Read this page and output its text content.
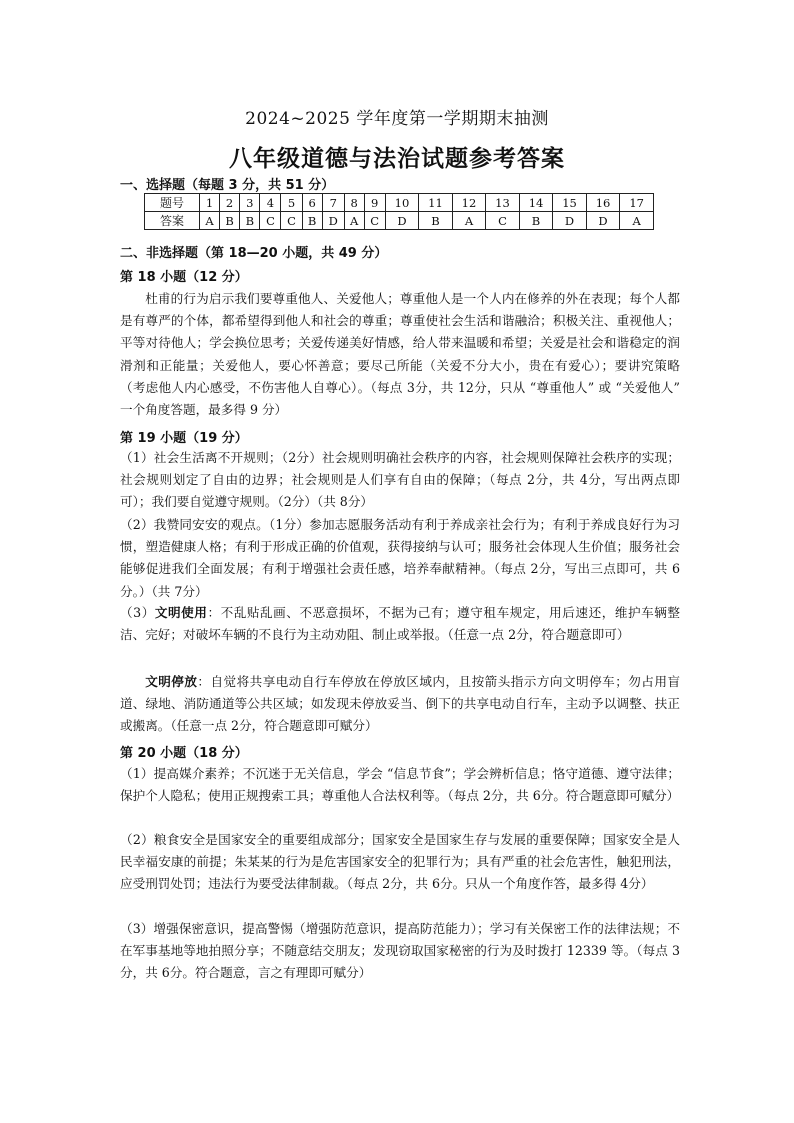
2024~2025 学年度第一学期期末抽测
八年级道德与法治试题参考答案
一、选择题（每题 3 分，共 51 分）
题号	1	2	3	4	5	6	7	8	9	10	11	12	13	14	15	16	17
答案	A	B	B	C	C	B	D	A	C	D	B	A	C	B	D	D	A
二、非选择题（第 18—20 小题，共 49 分）
第 18 小题（12 分）
杜甫的行为启示我们要尊重他人、关爱他人；尊重他人是一个人内在修养的外在表现；每个人都是有尊严的个体，都希望得到他人和社会的尊重；尊重使社会生活和谐融洽；积极关注、重视他人；平等对待他人；学会换位思考；关爱传递美好情感，给人带来温暖和希望；关爱是社会和谐稳定的润滑剂和正能量；关爱他人，要心怀善意；要尽己所能（关爱不分大小，贵在有爱心）；要讲究策略（考虑他人内心感受，不伤害他人自尊心）。（每点 3分，共 12分，只从 “尊重他人” 或 “关爱他人” 一个角度答题，最多得 9 分）
第 19 小题（19 分）
（1）社会生活离不开规则；（2分）社会规则明确社会秩序的内容，社会规则保障社会秩序的实现；社会规则划定了自由的边界；社会规则是人们享有自由的保障；（每点 2分，共 4分，写出两点即可）；我们要自觉遵守规则。（2分）（共 8分）
（2）我赞同安安的观点。（1分）参加志愿服务活动有利于养成亲社会行为；有利于养成良好行为习惯，塑造健康人格；有利于形成正确的价值观，获得接纳与认可；服务社会体现人生价值；服务社会能够促进我们全面发展；有利于增强社会责任感，培养奉献精神。（每点 2分，写出三点即可，共 6分。）（共 7分）
（3）文明使用：不乱贴乱画、不恶意损坏，不据为己有；遵守租车规定，用后速还，维护车辆整洁、完好；对破坏车辆的不良行为主动劝阻、制止或举报。（任意一点 2分，符合题意即可）
文明停放：自觉将共享电动自行车停放在停放区域内，且按箭头指示方向文明停车；勿占用盲道、绿地、消防通道等公共区域；如发现未停放妥当、倒下的共享电动自行车，主动予以调整、扶正或搬离。（任意一点 2分，符合题意即可赋分）
第 20 小题（18 分）
（1）提高媒介素养；不沉迷于无关信息，学会 “信息节食”；学会辨析信息；恪守道德、遵守法律；保护个人隐私；使用正规搜索工具；尊重他人合法权利等。（每点 2分，共 6分。符合题意即可赋分）
（2）粮食安全是国家安全的重要组成部分；国家安全是国家生存与发展的重要保障；国家安全是人民幸福安康的前提；朱某某的行为是危害国家安全的犯罪行为；具有严重的社会危害性，触犯刑法，应受刑罚处罚；违法行为要受法律制裁。（每点 2分，共 6分。只从一个角度作答，最多得 4分）
（3）增强保密意识，提高警惕（增强防范意识，提高防范能力）；学习有关保密工作的法律法规；不在军事基地等地拍照分享；不随意结交朋友；发现窃取国家秘密的行为及时拨打 12339 等。（每点 3分，共 6分。符合题意，言之有理即可赋分）
